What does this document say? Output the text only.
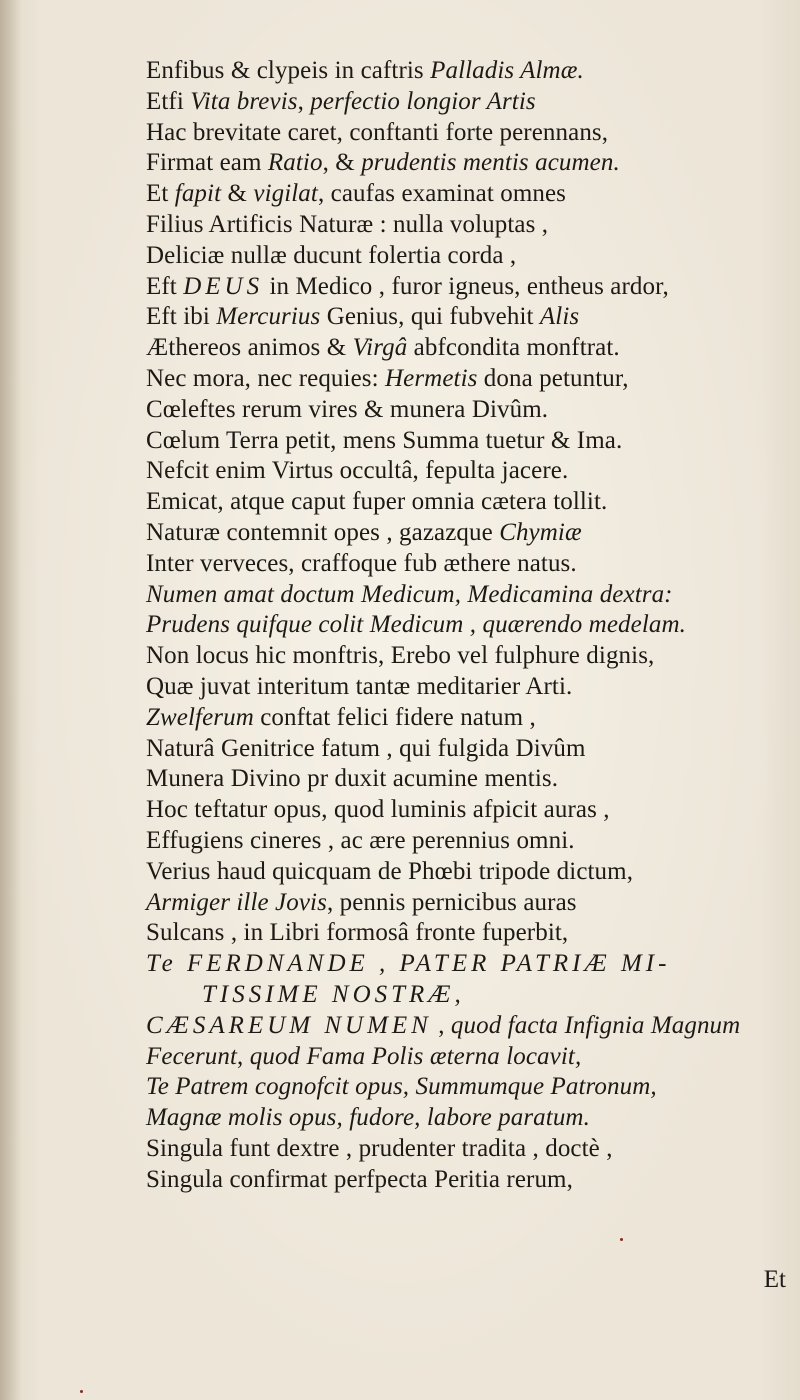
Enfibus & clypeis in caftris Palladis Almæ.
Etfi Vita brevis, perfectio longior Artis
Hac brevitate caret, conftanti forte perennans,
Firmat eam Ratio, & prudentis mentis acumen.
Et fapit & vigilat, caufas examinat omnes
Filius Artificis Naturæ : nulla voluptas ,
Deliciæ nullæ ducunt folertia corda ,
Eft DEUS in Medico , furor igneus, entheus ardor,
Eft ibi Mercurius Genius, qui fubvehit Alis
Æthereos animos & Virgâ abfcondita monftrat.
Nec mora, nec requies: Hermetis dona petuntur,
Cœleftes rerum vires & munera Divûm.
Cœlum Terra petit, mens Summa tuetur & Ima.
Nefcit enim Virtus occultâ, fepulta jacere.
Emicat, atque caput fuper omnia cætera tollit.
Naturæ contemnit opes , gazazque Chymiæ
Inter verveces, craffoque fub æthere natus.
Numen amat doctum Medicum, Medicamina dextra:
Prudens quifque colit Medicum , quærendo medelam.
Non locus hic monftris, Erebo vel fulphure dignis,
Quæ juvat interitum tantæ meditarier Arti.
Zwelferum conftat felici fidere natum ,
Naturâ Genitrice fatum , qui fulgida Divûm
Munera Divino pr duxit acumine mentis.
Hoc teftatur opus, quod luminis afpicit auras ,
Effugiens cineres , ac ære perennius omni.
Verius haud quicquam de Phœbi tripode dictum,
Armiger ille Jovis, pennis pernicibus auras
Sulcans , in Libri formosâ fronte fuperbit,
Te FERDNANDE , PATER PATRIÆ MI-
TISSIME NOSTRÆ,
CÆSAREUM NUMEN , quod facta Infignia Magnum
Fecerunt, quod Fama Polis æterna locavit,
Te Patrem cognofcit opus, Summumque Patronum,
Magnæ molis opus, fudore, labore paratum.
Singula funt dextre , prudenter tradita , doctè ,
Singula confirmat perfpecta Peritia rerum,
Et
